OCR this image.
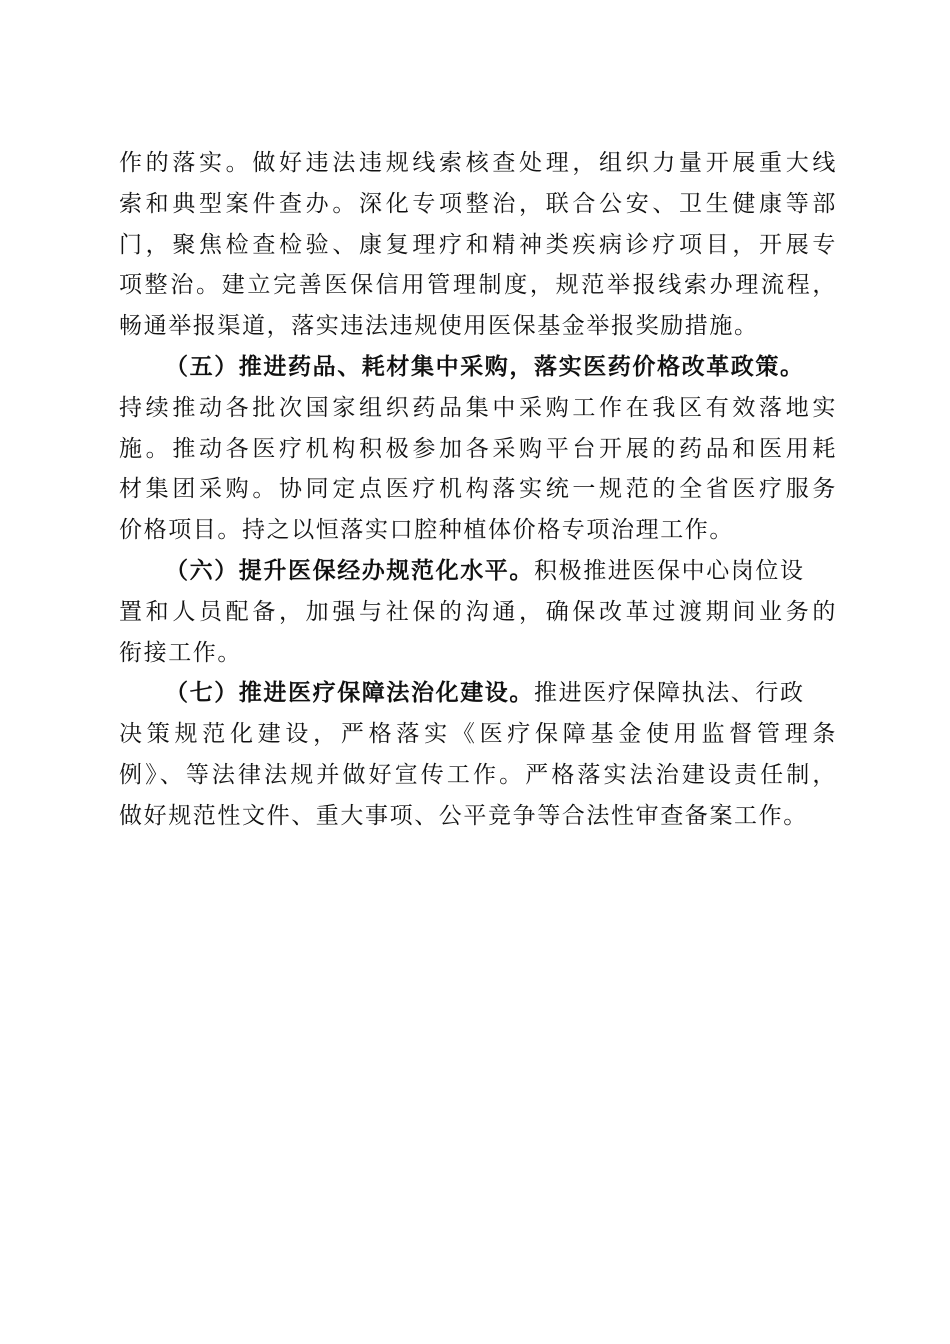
作的落实。做好违法违规线索核查处理，组织力量开展重大线
索和典型案件查办。深化专项整治，联合公安、卫生健康等部
门，聚焦检查检验、康复理疗和精神类疾病诊疗项目，开展专
项整治。建立完善医保信用管理制度，规范举报线索办理流程，
畅通举报渠道，落实违法违规使用医保基金举报奖励措施。
（五）推进药品、耗材集中采购，落实医药价格改革政策。
持续推动各批次国家组织药品集中采购工作在我区有效落地实
施。推动各医疗机构积极参加各采购平台开展的药品和医用耗
材集团采购。协同定点医疗机构落实统一规范的全省医疗服务
价格项目。持之以恒落实口腔种植体价格专项治理工作。
（六）提升医保经办规范化水平。积极推进医保中心岗位设
置和人员配备，加强与社保的沟通，确保改革过渡期间业务的
衔接工作。
（七）推进医疗保障法治化建设。推进医疗保障执法、行政
决策规范化建设，严格落实《医疗保障基金使用监督管理条
例》、等法律法规并做好宣传工作。严格落实法治建设责任制，
做好规范性文件、重大事项、公平竞争等合法性审查备案工作。
